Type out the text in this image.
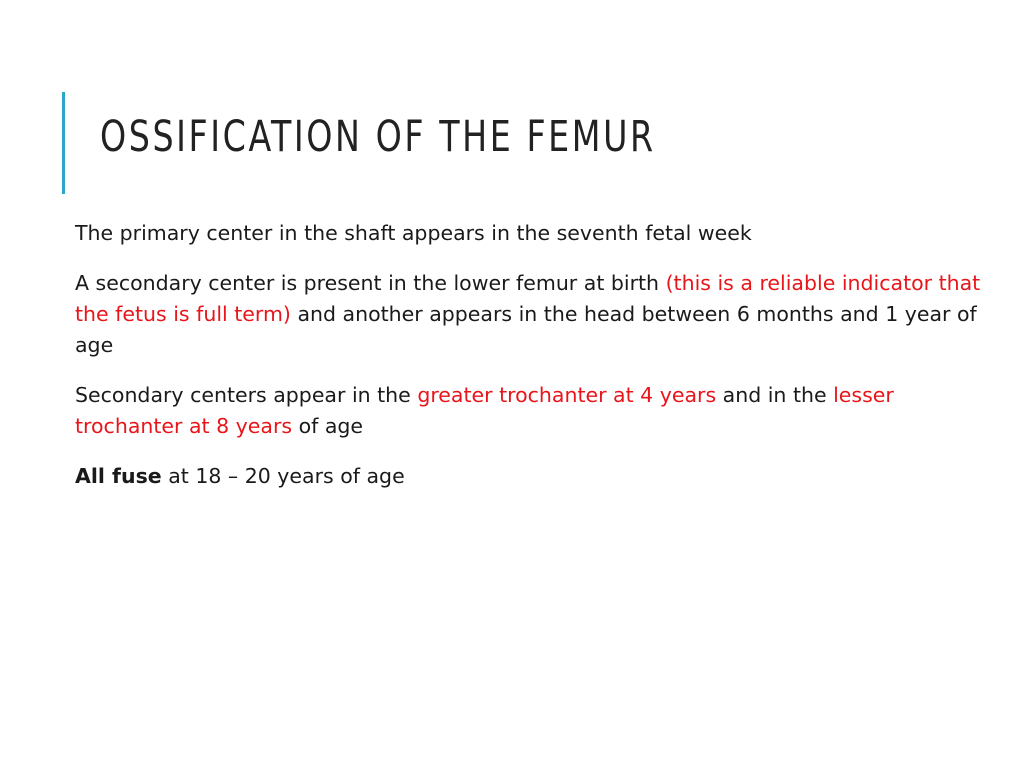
OSSIFICATION OF THE FEMUR

The primary center in the shaft appears in the seventh fetal week

A secondary center is present in the lower femur at birth (this is a reliable indicator that the fetus is full term) and another appears in the head between 6 months and 1 year of age

Secondary centers appear in the greater trochanter at 4 years and in the lesser trochanter at 8 years of age

All fuse at 18 – 20 years of age
